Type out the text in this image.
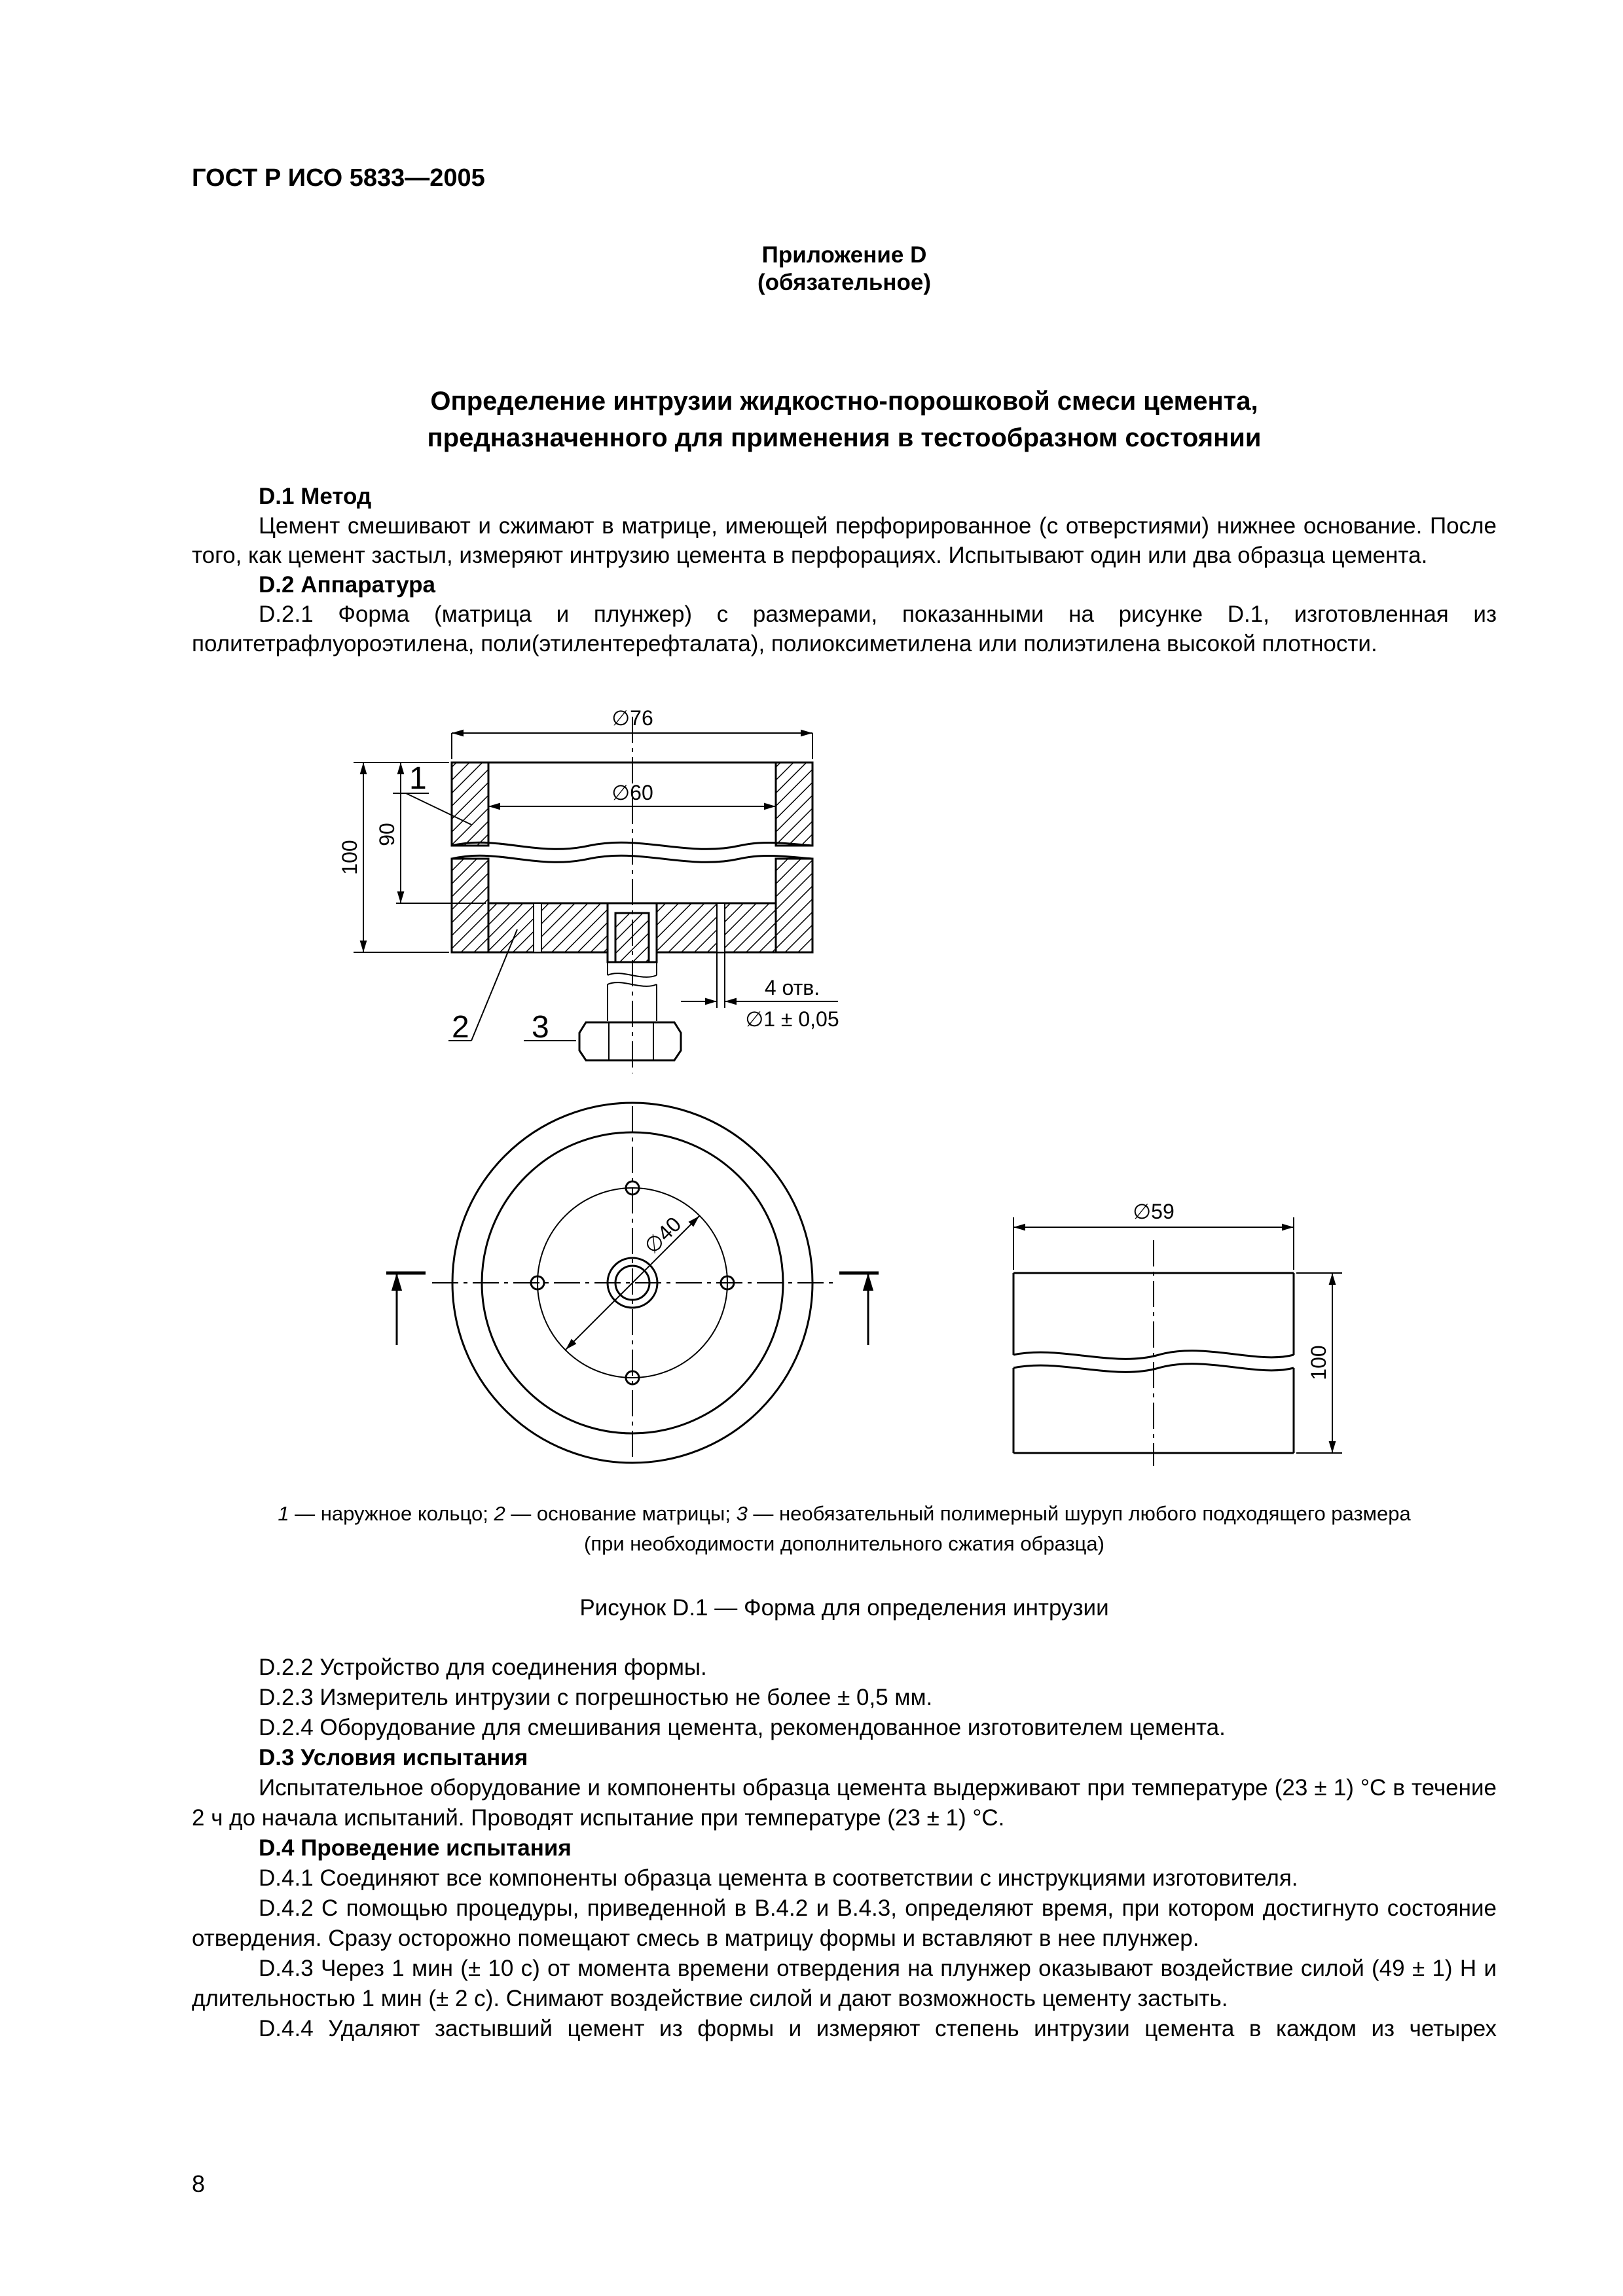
ГОСТ Р ИСО 5833—2005
Приложение D
(обязательное)
Определение интрузии жидкостно-порошковой смеси цемента,
предназначенного для применения в тестообразном состоянии
D.1 Метод
Цемент смешивают и сжимают в матрице, имеющей перфорированное (с отверстиями) нижнее основание. После того, как цемент застыл, измеряют интрузию цемента в перфорациях. Испытывают один или два образца цемента.
D.2 Аппаратура
D.2.1 Форма (матрица и плунжер) с размерами, показанными на рисунке D.1, изготовленная из политетрафлуороэтилена, поли(этилентерефталата), полиоксиметилена или полиэтилена высокой плотности.
∅76
∅60
100
90
4 отв.
∅1 ± 0,05
1
2 3
∅40
∅59
100
1 — наружное кольцо; 2 — основание матрицы; 3 — необязательный полимерный шуруп любого подходящего размера
(при необходимости дополнительного сжатия образца)
Рисунок D.1 — Форма для определения интрузии
D.2.2 Устройство для соединения формы.
D.2.3 Измеритель интрузии с погрешностью не более ± 0,5 мм.
D.2.4 Оборудование для смешивания цемента, рекомендованное изготовителем цемента.
D.3 Условия испытания
Испытательное оборудование и компоненты образца цемента выдерживают при температуре (23 ± 1) °С в течение 2 ч до начала испытаний. Проводят испытание при температуре (23 ± 1) °С.
D.4 Проведение испытания
D.4.1 Соединяют все компоненты образца цемента в соответствии с инструкциями изготовителя.
D.4.2 С помощью процедуры, приведенной в B.4.2 и B.4.3, определяют время, при котором достигнуто состояние отвердения. Сразу осторожно помещают смесь в матрицу формы и вставляют в нее плунжер.
D.4.3 Через 1 мин (± 10 с) от момента времени отвердения на плунжер оказывают воздействие силой (49 ± 1) Н и длительностью 1 мин (± 2 с). Снимают воздействие силой и дают возможность цементу застыть.
D.4.4 Удаляют застывший цемент из формы и измеряют степень интрузии цемента в каждом из четырех
8
